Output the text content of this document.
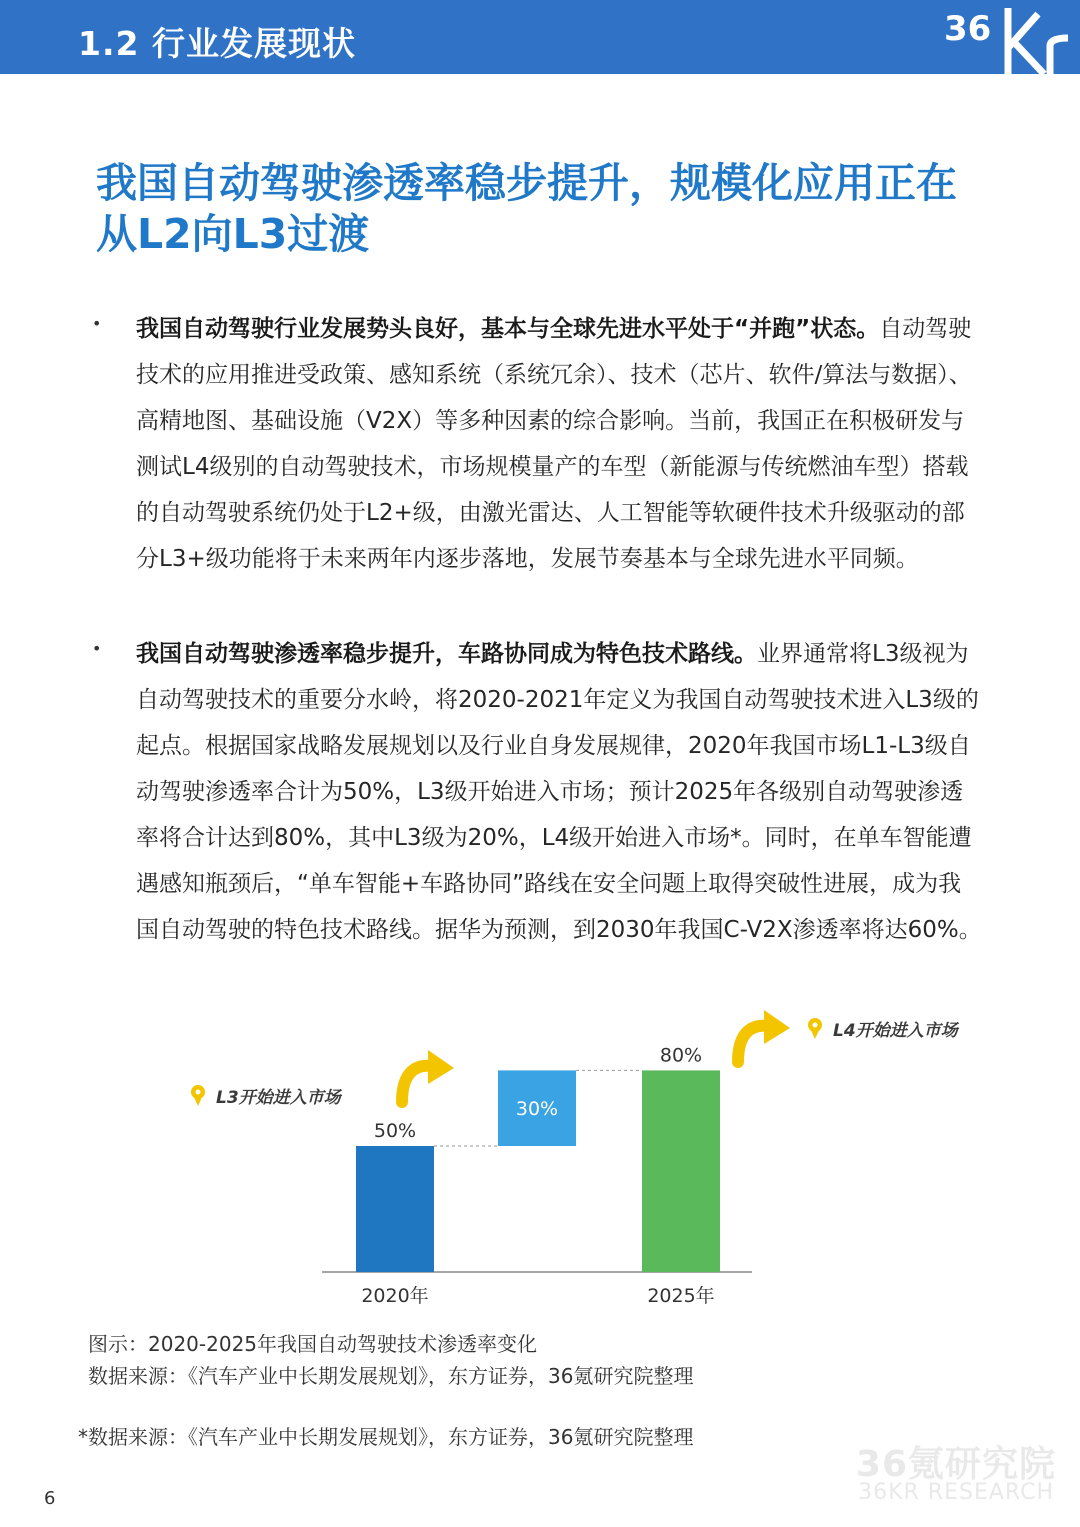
1.2 行业发展现状	36
我国自动驾驶渗透率稳步提升，规模化应用正在从L2向L3过渡
• 我国自动驾驶行业发展势头良好，基本与全球先进水平处于“并跑”状态。自动驾驶技术的应用推进受政策、感知系统（系统冗余）、技术（芯片、软件/算法与数据）、高精地图、基础设施（V2X）等多种因素的综合影响。当前，我国正在积极研发与测试L4级别的自动驾驶技术，市场规模量产的车型（新能源与传统燃油车型）搭载的自动驾驶系统仍处于L2+级，由激光雷达、人工智能等软硬件技术升级驱动的部分L3+级功能将于未来两年内逐步落地，发展节奏基本与全球先进水平同频。
• 我国自动驾驶渗透率稳步提升，车路协同成为特色技术路线。业界通常将L3级视为自动驾驶技术的重要分水岭，将2020-2021年定义为我国自动驾驶技术进入L3级的起点。根据国家战略发展规划以及行业自身发展规律，2020年我国市场L1-L3级自动驾驶渗透率合计为50%，L3级开始进入市场；预计2025年各级别自动驾驶渗透率将合计达到80%，其中L3级为20%，L4级开始进入市场*。同时，在单车智能遭遇感知瓶颈后，“单车智能+车路协同”路线在安全问题上取得突破性进展，成为我国自动驾驶的特色技术路线。据华为预测，到2030年我国C-V2X渗透率将达60%。
50%
80%
30%
2020年	2025年
L3开始进入市场
L4开始进入市场
图示：2020-2025年我国自动驾驶技术渗透率变化
数据来源：《汽车产业中长期发展规划》，东方证券，36氪研究院整理
*数据来源：《汽车产业中长期发展规划》，东方证券，36氪研究院整理
36氪研究院
36KR RESEARCH
6
